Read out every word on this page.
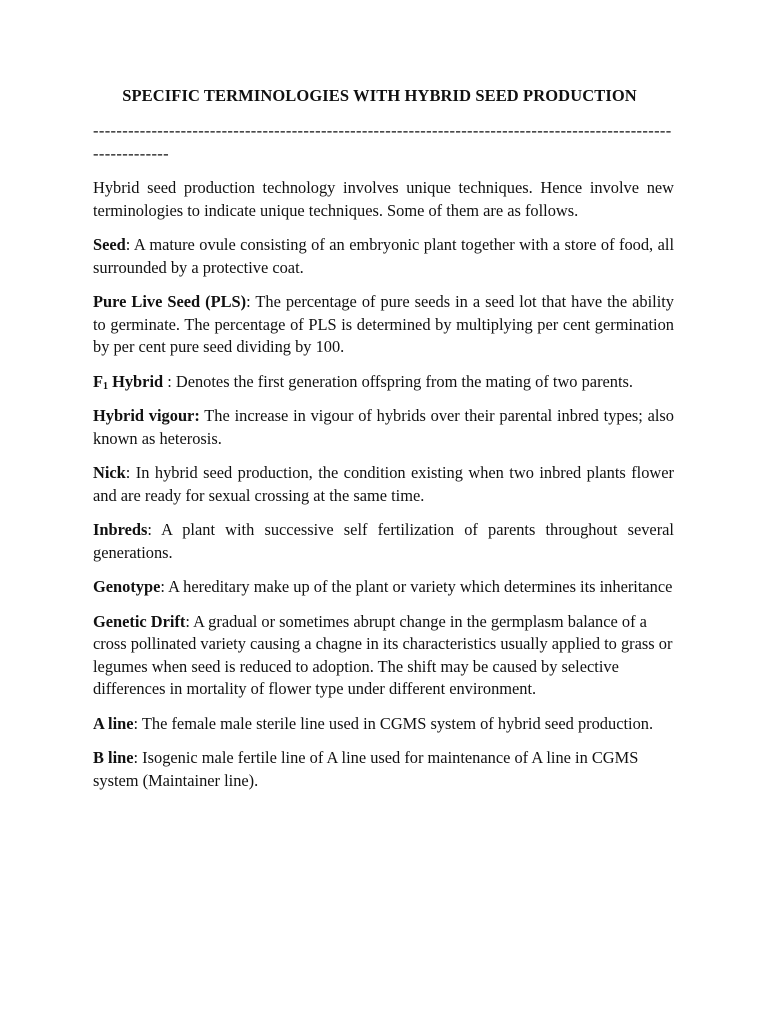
SPECIFIC TERMINOLOGIES WITH HYBRID SEED PRODUCTION
----------------------------------------------------------------------------------------------------------------

Hybrid seed production technology involves unique techniques. Hence involve new terminologies to indicate unique techniques. Some of them are as follows.

Seed: A mature ovule consisting of an embryonic plant together with a store of food, all surrounded by a protective coat.

Pure Live Seed (PLS): The percentage of pure seeds in a seed lot that have the ability to germinate. The percentage of PLS is determined by multiplying per cent germination by per cent pure seed dividing by 100.

$F_1$ Hybrid : Denotes the first generation offspring from the mating of two parents.

Hybrid vigour: The increase in vigour of hybrids over their parental inbred types; also known as heterosis.

Nick: In hybrid seed production, the condition existing when two inbred plants flower and are ready for sexual crossing at the same time.

Inbreds: A plant with successive self fertilization of parents throughout several generations.

Genotype: A hereditary make up of the plant or variety which determines its inheritance

Genetic Drift: A gradual or sometimes abrupt change in the germplasm balance of a cross pollinated variety causing a chagne in its characteristics usually applied to grass or legumes when seed is reduced to adoption. The shift may be caused by selective differences in mortality of flower type under different environment.

A line: The female male sterile line used in CGMS system of hybrid seed production.

B line: Isogenic male fertile line of A line used for maintenance of A line in CGMS system (Maintainer line).
